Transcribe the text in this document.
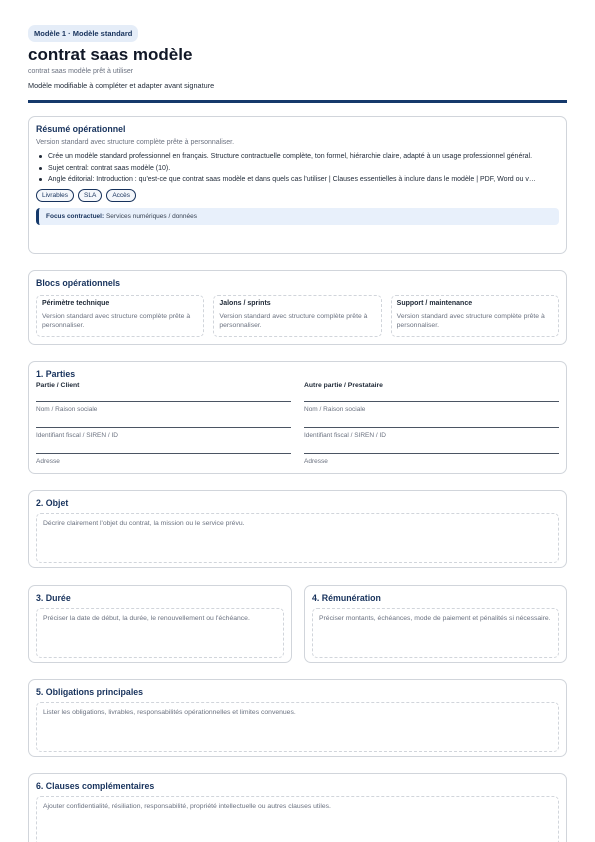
Modèle 1 · Modèle standard
contrat saas modèle
contrat saas modèle prêt à utiliser
Modèle modifiable à compléter et adapter avant signature
Résumé opérationnel
Version standard avec structure complète prête à personnaliser.
Crée un modèle standard professionnel en français. Structure contractuelle complète, ton formel, hiérarchie claire, adapté à un usage professionnel général.
Sujet central: contrat saas modèle (10).
Angle éditorial: Introduction : qu'est-ce que contrat saas modèle et dans quels cas l'utiliser | Clauses essentielles à inclure dans le modèle | PDF, Word ou v…
Livrables	SLA	Accès
Focus contractuel: Services numériques / données
Blocs opérationnels
Périmètre technique
Version standard avec structure complète prête à personnaliser.
Jalons / sprints
Version standard avec structure complète prête à personnaliser.
Support / maintenance
Version standard avec structure complète prête à personnaliser.
1. Parties
Partie / Client
Nom / Raison sociale
Identifiant fiscal / SIREN / ID
Adresse
Autre partie / Prestataire
Nom / Raison sociale
Identifiant fiscal / SIREN / ID
Adresse
2. Objet
Décrire clairement l'objet du contrat, la mission ou le service prévu.
3. Durée
Préciser la date de début, la durée, le renouvellement ou l'échéance.
4. Rémunération
Préciser montants, échéances, mode de paiement et pénalités si nécessaire.
5. Obligations principales
Lister les obligations, livrables, responsabilités opérationnelles et limites convenues.
6. Clauses complémentaires
Ajouter confidentialité, résiliation, responsabilité, propriété intellectuelle ou autres clauses utiles.
